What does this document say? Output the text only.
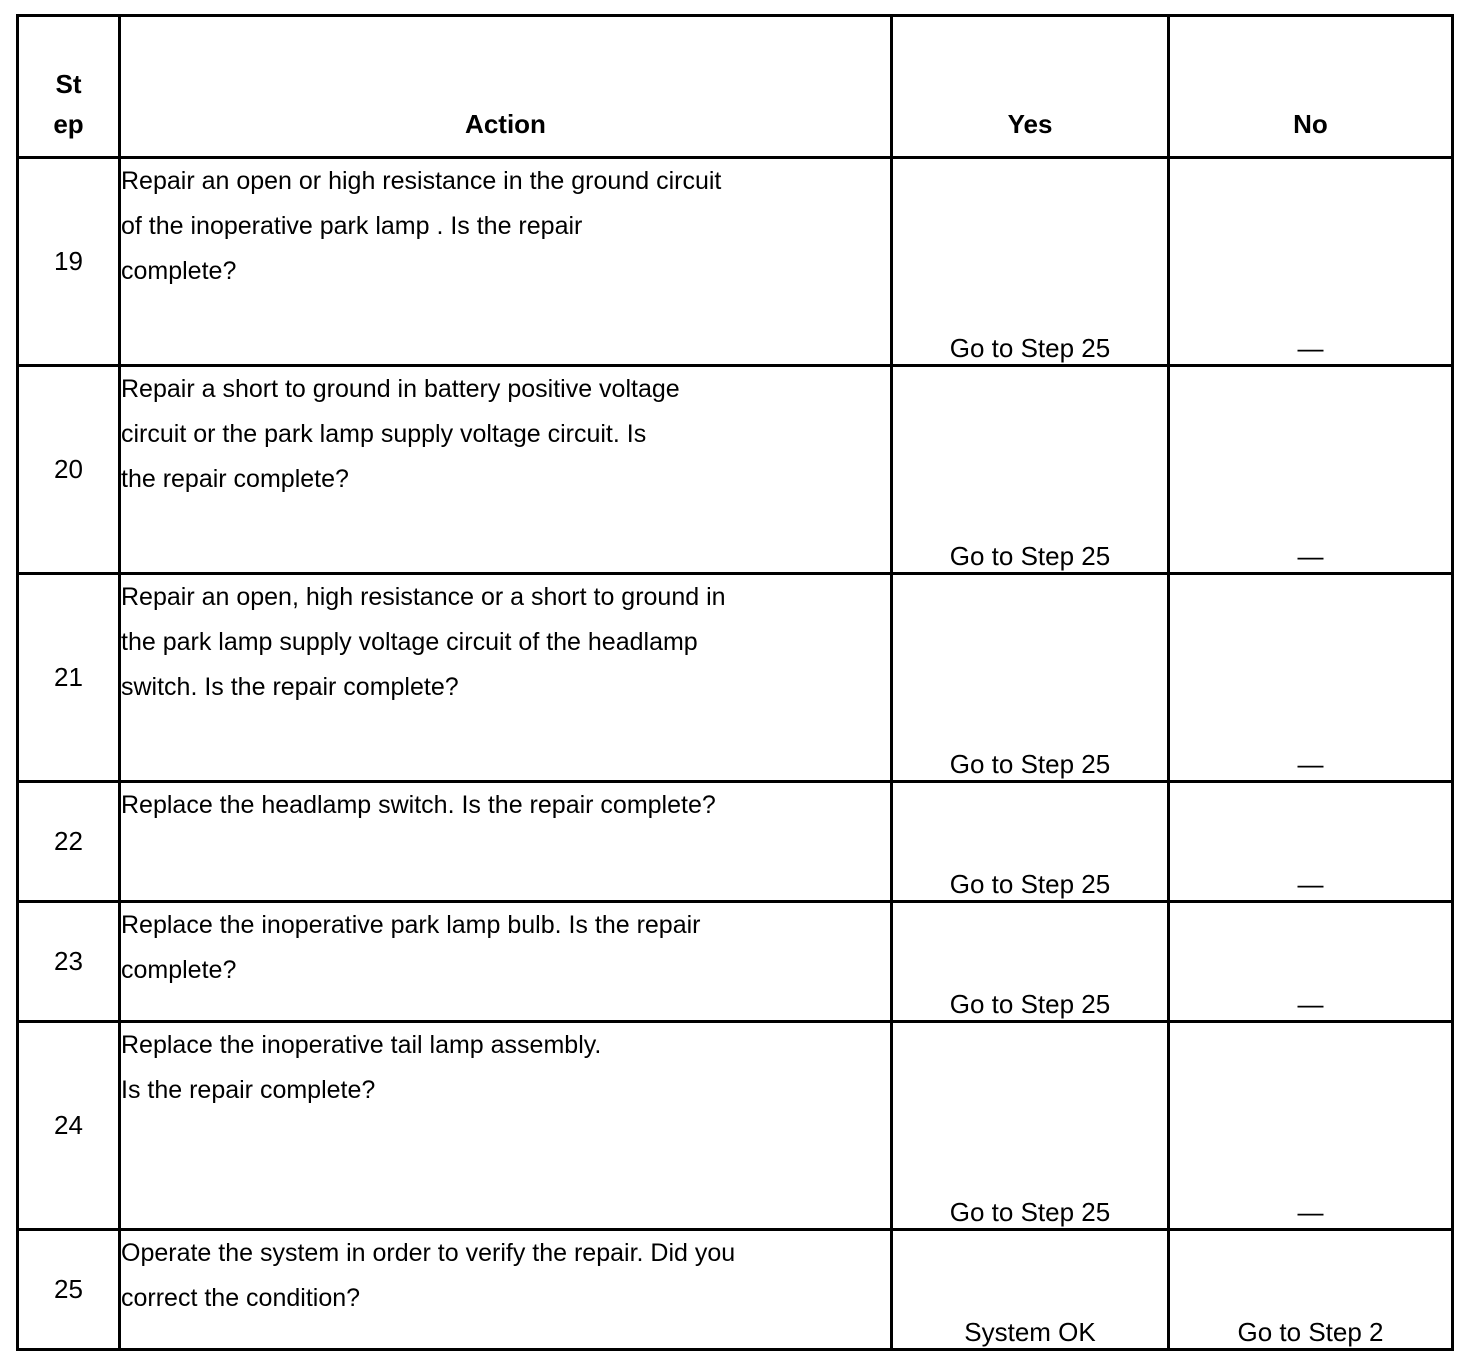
St
ep	Action	Yes	No
19	Repair an open or high resistance in the ground circuit
of the inoperative park lamp . Is the repair
complete?	Go to Step 25	—
20	Repair a short to ground in battery positive voltage
circuit or the park lamp supply voltage circuit. Is
the repair complete?	Go to Step 25	—
21	Repair an open, high resistance or a short to ground in
the park lamp supply voltage circuit of the headlamp
switch. Is the repair complete?	Go to Step 25	—
22	Replace the headlamp switch. Is the repair complete?	Go to Step 25	—
23	Replace the inoperative park lamp bulb. Is the repair
complete?	Go to Step 25	—
24	Replace the inoperative tail lamp assembly.
Is the repair complete?	Go to Step 25	—
25	Operate the system in order to verify the repair. Did you
correct the condition?	System OK	Go to Step 2
